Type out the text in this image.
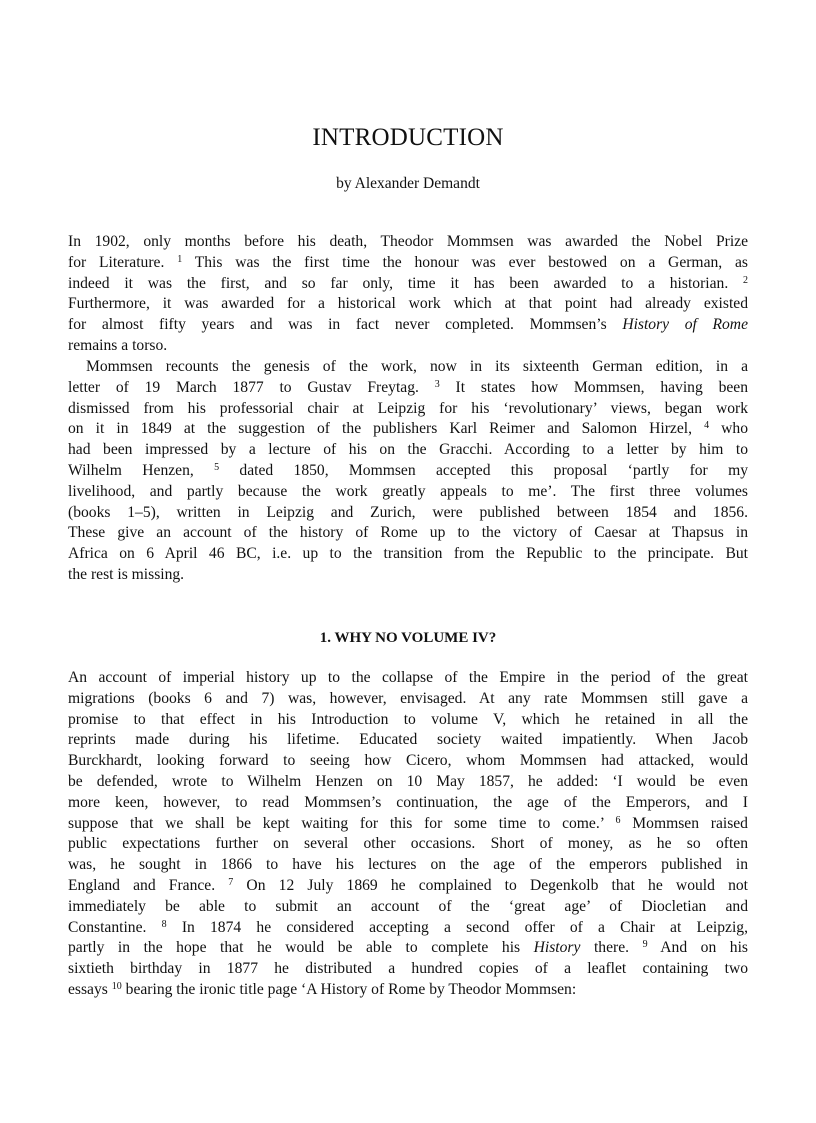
INTRODUCTION
by Alexander Demandt
In 1902, only months before his death, Theodor Mommsen was awarded the Nobel Prize
for Literature. $^1$ This was the first time the honour was ever bestowed on a German, as
indeed it was the first, and so far only, time it has been awarded to a historian. $^2$
Furthermore, it was awarded for a historical work which at that point had already existed
for almost fifty years and was in fact never completed. Mommsen’s History of Rome
remains a torso.
Mommsen recounts the genesis of the work, now in its sixteenth German edition, in a
letter of 19 March 1877 to Gustav Freytag. $^3$ It states how Mommsen, having been
dismissed from his professorial chair at Leipzig for his ‘revolutionary’ views, began work
on it in 1849 at the suggestion of the publishers Karl Reimer and Salomon Hirzel, $^4$ who
had been impressed by a lecture of his on the Gracchi. According to a letter by him to
Wilhelm Henzen, $^5$ dated 1850, Mommsen accepted this proposal ‘partly for my
livelihood, and partly because the work greatly appeals to me’. The first three volumes
(books 1–5), written in Leipzig and Zurich, were published between 1854 and 1856.
These give an account of the history of Rome up to the victory of Caesar at Thapsus in
Africa on 6 April 46 BC, i.e. up to the transition from the Republic to the principate. But
the rest is missing.
1. WHY NO VOLUME IV?
An account of imperial history up to the collapse of the Empire in the period of the great
migrations (books 6 and 7) was, however, envisaged. At any rate Mommsen still gave a
promise to that effect in his Introduction to volume V, which he retained in all the
reprints made during his lifetime. Educated society waited impatiently. When Jacob
Burckhardt, looking forward to seeing how Cicero, whom Mommsen had attacked, would
be defended, wrote to Wilhelm Henzen on 10 May 1857, he added: ‘I would be even
more keen, however, to read Mommsen’s continuation, the age of the Emperors, and I
suppose that we shall be kept waiting for this for some time to come.’ $^6$ Mommsen raised
public expectations further on several other occasions. Short of money, as he so often
was, he sought in 1866 to have his lectures on the age of the emperors published in
England and France. $^7$ On 12 July 1869 he complained to Degenkolb that he would not
immediately be able to submit an account of the ‘great age’ of Diocletian and
Constantine. $^8$ In 1874 he considered accepting a second offer of a Chair at Leipzig,
partly in the hope that he would be able to complete his History there. $^9$ And on his
sixtieth birthday in 1877 he distributed a hundred copies of a leaflet containing two
essays $^{10}$ bearing the ironic title page ‘A History of Rome by Theodor Mommsen:
